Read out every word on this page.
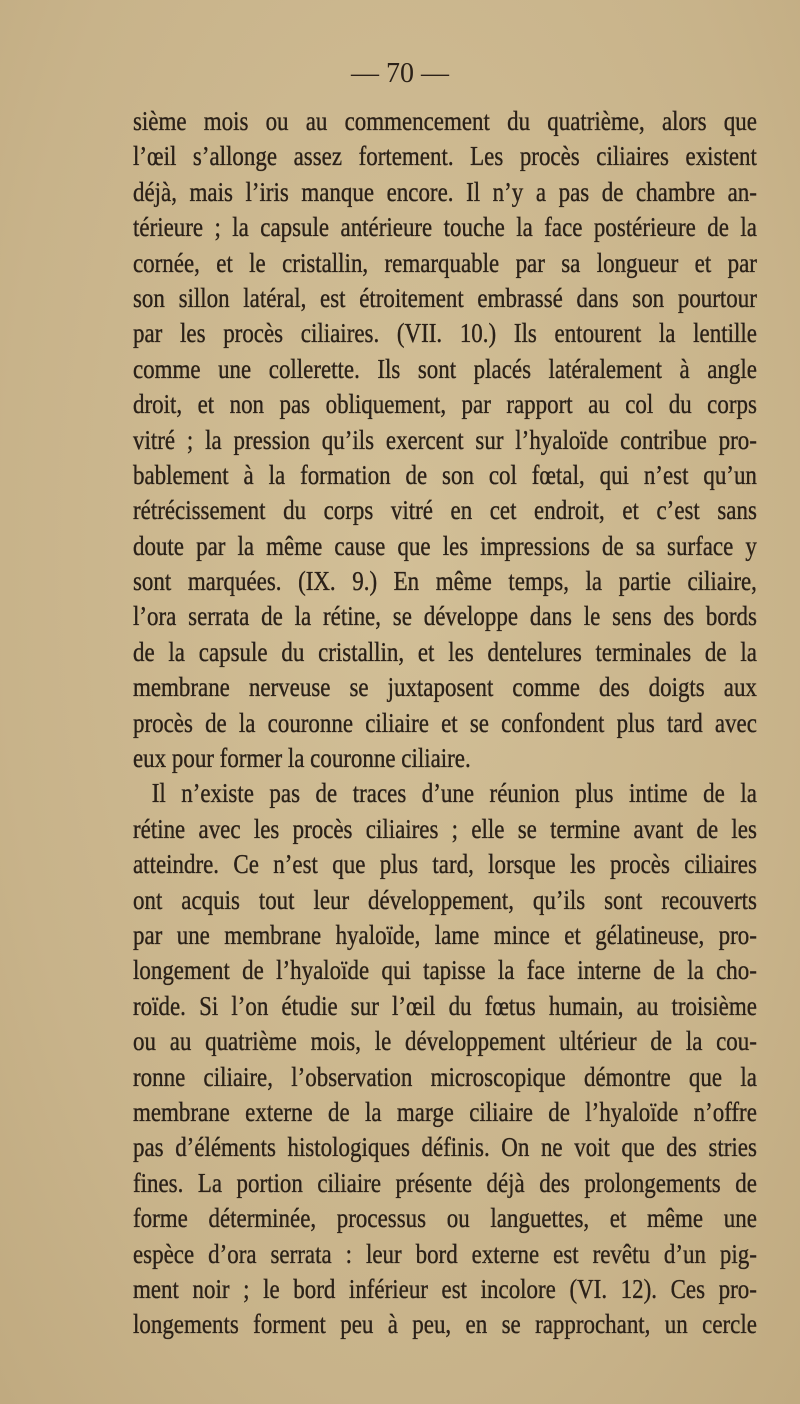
— 70 —
sième mois ou au commencement du quatrième, alors que
l’œil s’allonge assez fortement. Les procès ciliaires existent
déjà, mais l’iris manque encore. Il n’y a pas de chambre an-
térieure ; la capsule antérieure touche la face postérieure de la
cornée, et le cristallin, remarquable par sa longueur et par
son sillon latéral, est étroitement embrassé dans son pourtour
par les procès ciliaires. (VII. 10.) Ils entourent la lentille
comme une collerette. Ils sont placés latéralement à angle
droit, et non pas obliquement, par rapport au col du corps
vitré ; la pression qu’ils exercent sur l’hyaloïde contribue pro-
bablement à la formation de son col fœtal, qui n’est qu’un
rétrécissement du corps vitré en cet endroit, et c’est sans
doute par la même cause que les impressions de sa surface y
sont marquées. (IX. 9.) En même temps, la partie ciliaire,
l’ora serrata de la rétine, se développe dans le sens des bords
de la capsule du cristallin, et les dentelures terminales de la
membrane nerveuse se juxtaposent comme des doigts aux
procès de la couronne ciliaire et se confondent plus tard avec
eux pour former la couronne ciliaire.
Il n’existe pas de traces d’une réunion plus intime de la
rétine avec les procès ciliaires ; elle se termine avant de les
atteindre. Ce n’est que plus tard, lorsque les procès ciliaires
ont acquis tout leur développement, qu’ils sont recouverts
par une membrane hyaloïde, lame mince et gélatineuse, pro-
longement de l’hyaloïde qui tapisse la face interne de la cho-
roïde. Si l’on étudie sur l’œil du fœtus humain, au troisième
ou au quatrième mois, le développement ultérieur de la cou-
ronne ciliaire, l’observation microscopique démontre que la
membrane externe de la marge ciliaire de l’hyaloïde n’offre
pas d’éléments histologiques définis. On ne voit que des stries
fines. La portion ciliaire présente déjà des prolongements de
forme déterminée, processus ou languettes, et même une
espèce d’ora serrata : leur bord externe est revêtu d’un pig-
ment noir ; le bord inférieur est incolore (VI. 12). Ces pro-
longements forment peu à peu, en se rapprochant, un cercle
